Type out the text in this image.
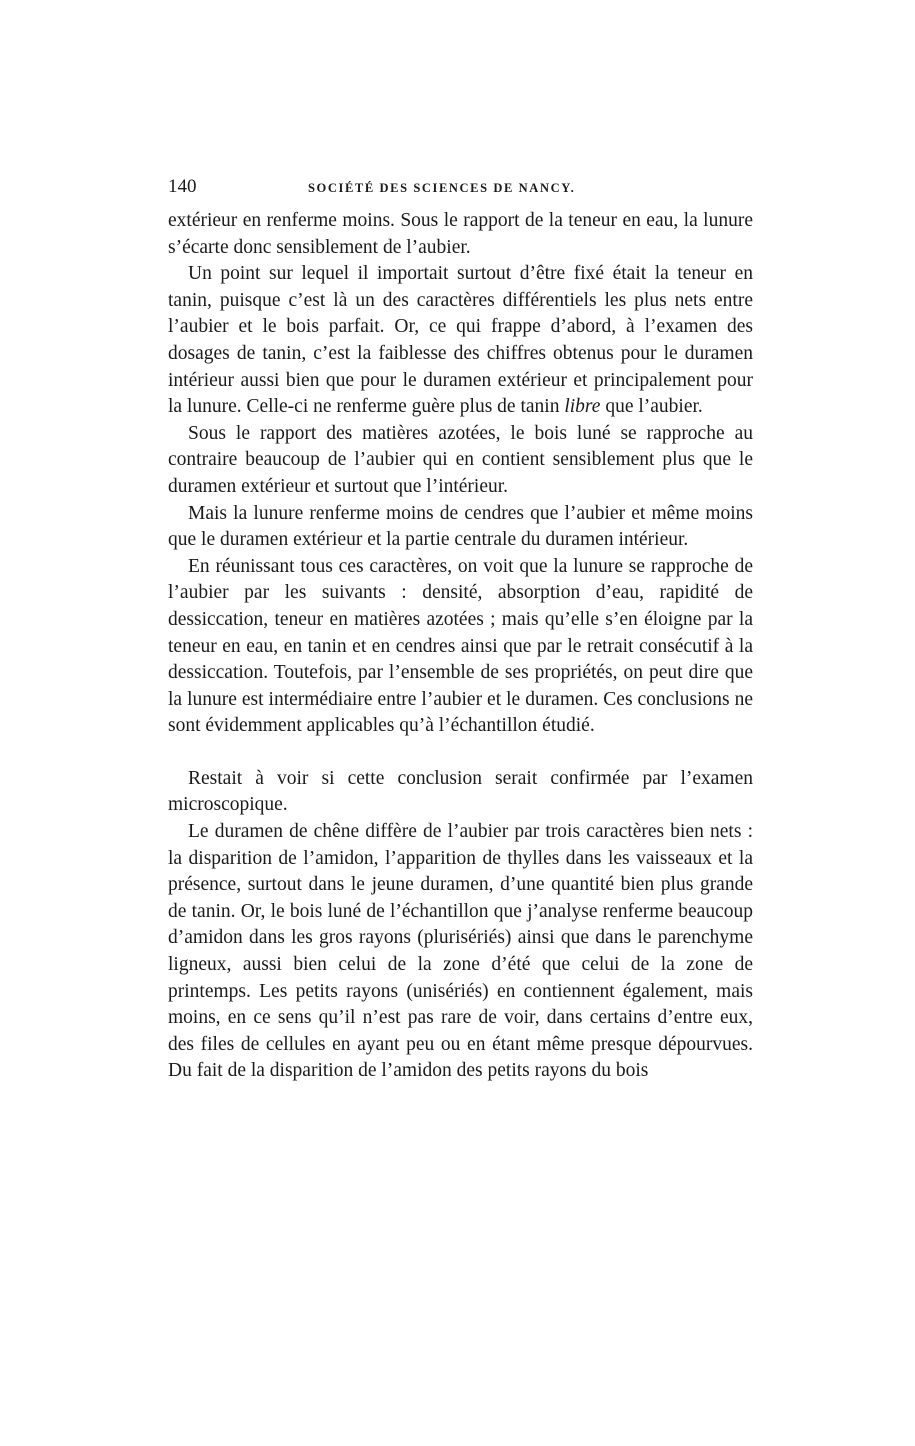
140	SOCIÉTÉ DES SCIENCES DE NANCY.

extérieur en renferme moins. Sous le rapport de la teneur en eau, la lunure s’écarte donc sensiblement de l’aubier.

Un point sur lequel il importait surtout d’être fixé était la teneur en tanin, puisque c’est là un des caractères différentiels les plus nets entre l’aubier et le bois parfait. Or, ce qui frappe d’abord, à l’examen des dosages de tanin, c’est la faiblesse des chiffres obtenus pour le duramen intérieur aussi bien que pour le duramen extérieur et principalement pour la lunure. Celle-ci ne renferme guère plus de tanin libre que l’aubier.

Sous le rapport des matières azotées, le bois luné se rapproche au contraire beaucoup de l’aubier qui en contient sensiblement plus que le duramen extérieur et surtout que l’intérieur.

Mais la lunure renferme moins de cendres que l’aubier et même moins que le duramen extérieur et la partie centrale du duramen intérieur.

En réunissant tous ces caractères, on voit que la lunure se rapproche de l’aubier par les suivants : densité, absorption d’eau, rapidité de dessiccation, teneur en matières azotées ; mais qu’elle s’en éloigne par la teneur en eau, en tanin et en cendres ainsi que par le retrait consécutif à la dessiccation. Toutefois, par l’ensemble de ses propriétés, on peut dire que la lunure est intermédiaire entre l’aubier et le duramen. Ces conclusions ne sont évidemment applicables qu’à l’échantillon étudié.

Restait à voir si cette conclusion serait confirmée par l’examen microscopique.

Le duramen de chêne diffère de l’aubier par trois caractères bien nets : la disparition de l’amidon, l’apparition de thylles dans les vaisseaux et la présence, surtout dans le jeune duramen, d’une quantité bien plus grande de tanin. Or, le bois luné de l’échantillon que j’analyse renferme beaucoup d’amidon dans les gros rayons (plurisériés) ainsi que dans le parenchyme ligneux, aussi bien celui de la zone d’été que celui de la zone de printemps. Les petits rayons (unisériés) en contiennent également, mais moins, en ce sens qu’il n’est pas rare de voir, dans certains d’entre eux, des files de cellules en ayant peu ou en étant même presque dépourvues. Du fait de la disparition de l’amidon des petits rayons du bois
